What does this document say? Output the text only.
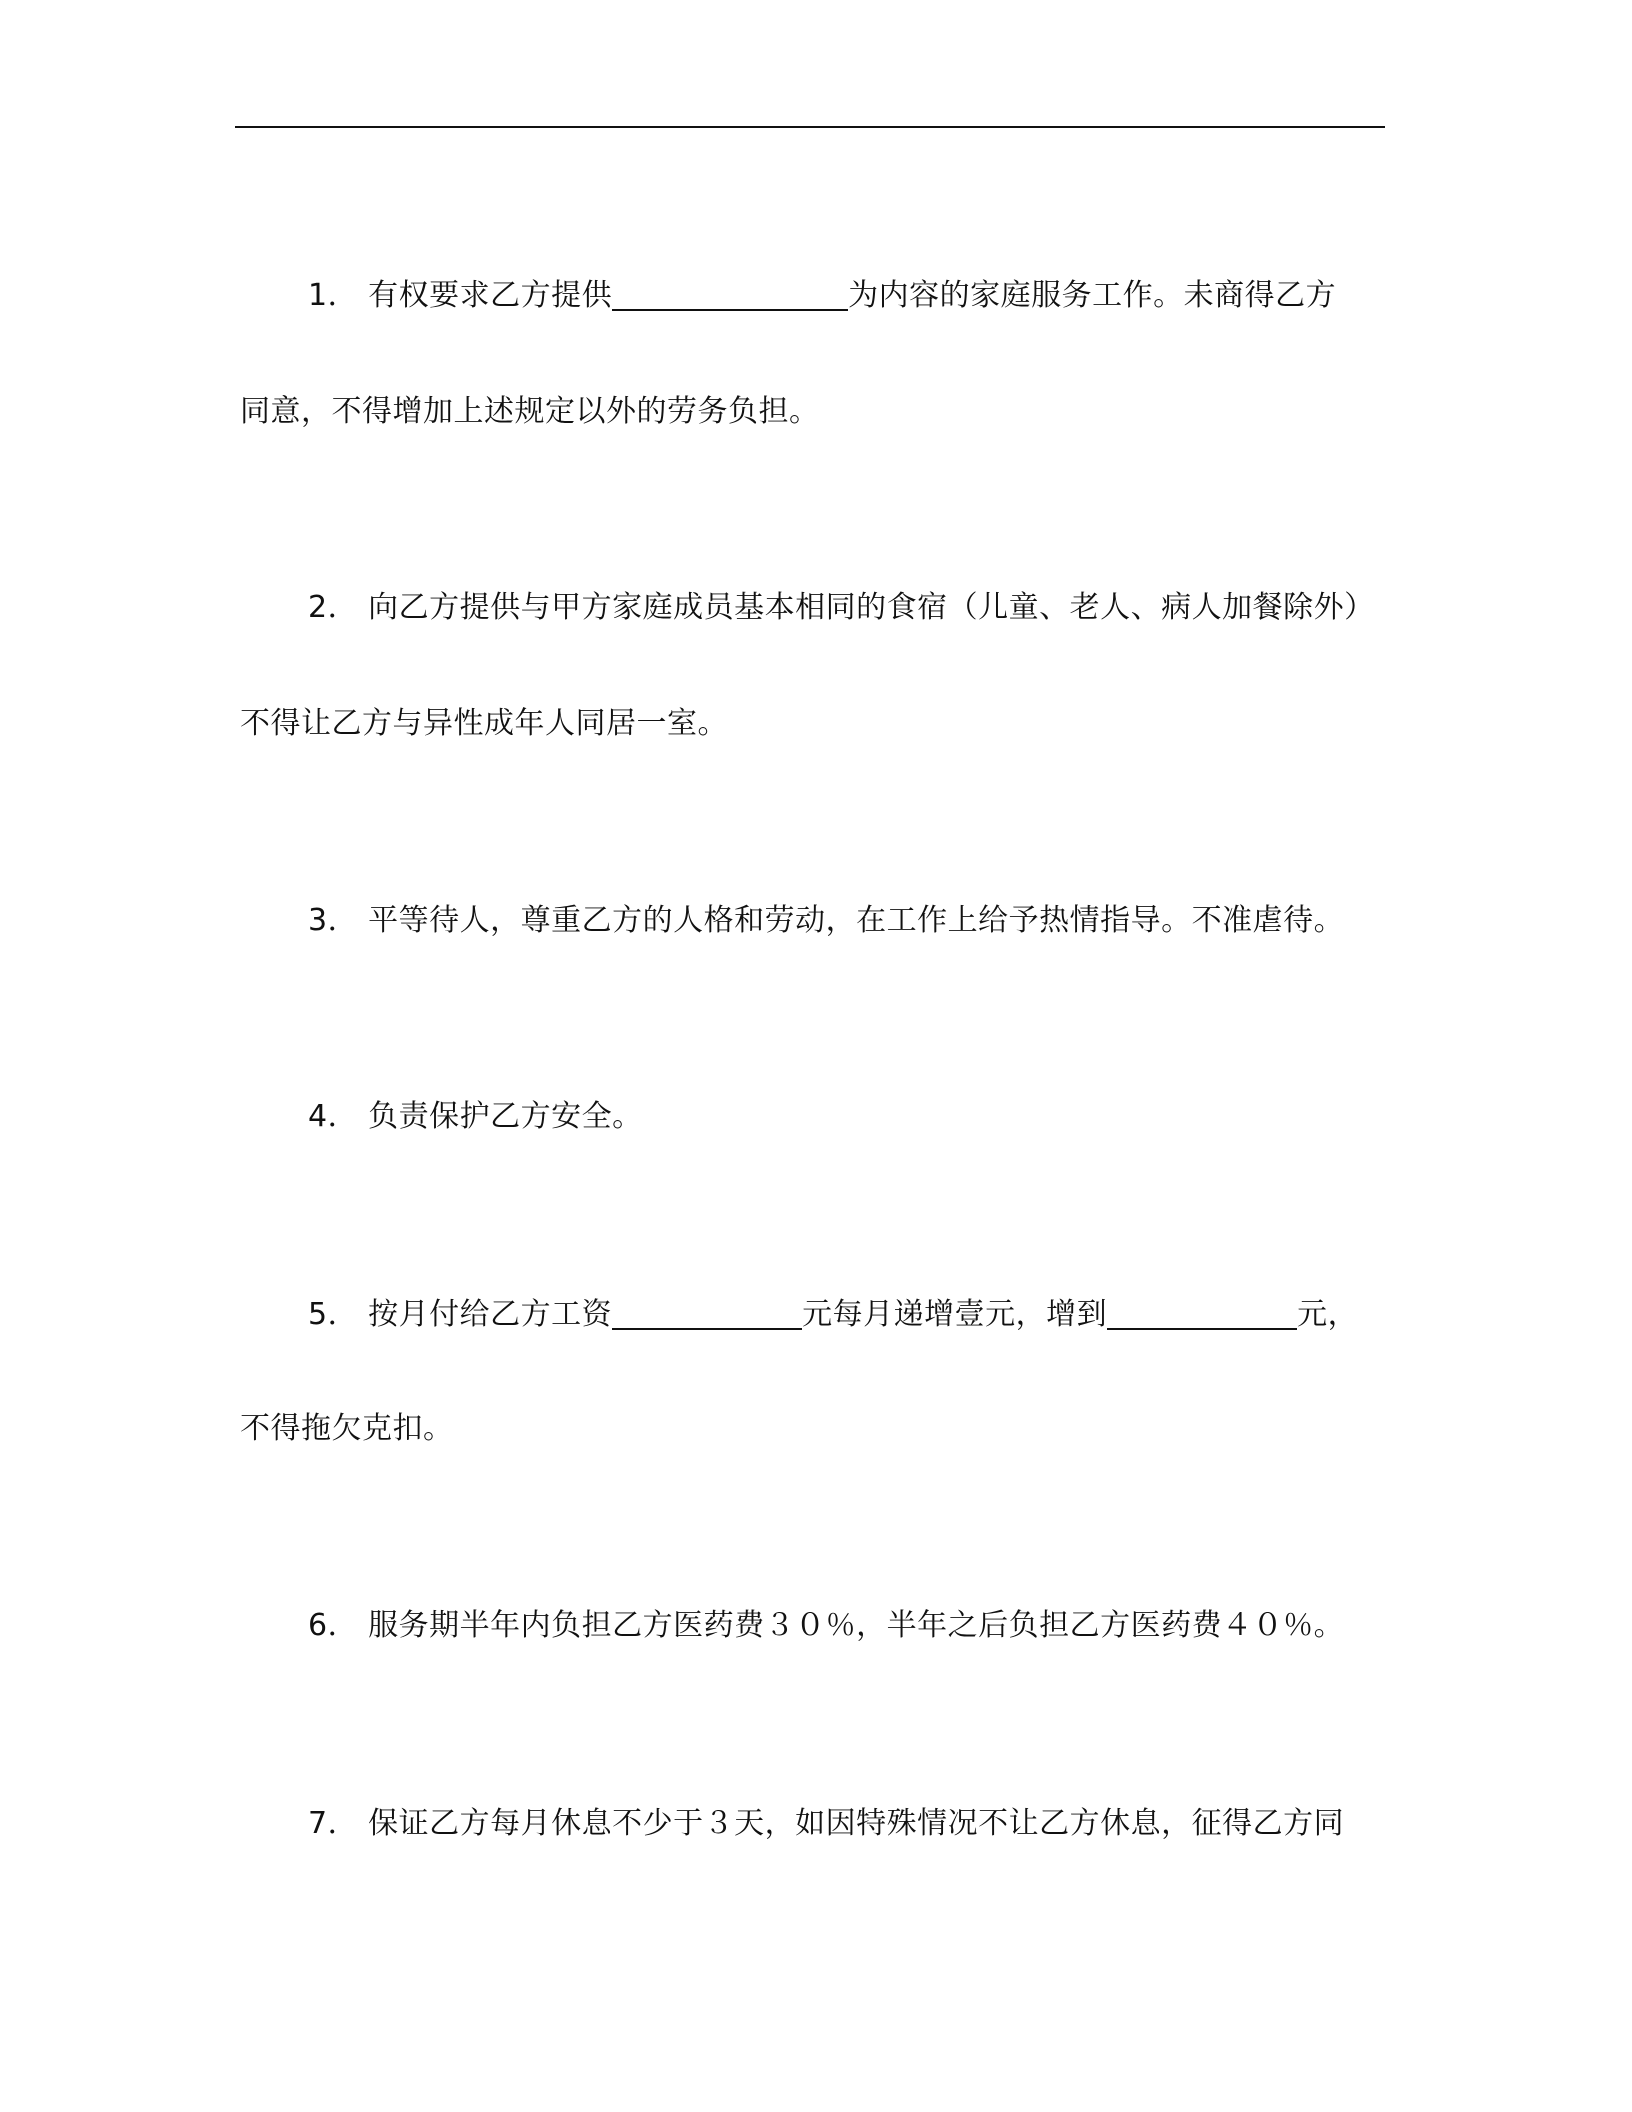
1． 有权要求乙方提供	为内容的家庭服务工作。未商得乙方
同意，不得增加上述规定以外的劳务负担。
2． 向乙方提供与甲方家庭成员基本相同的食宿（儿童、老人、病人加餐除外）
不得让乙方与异性成年人同居一室。
3． 平等待人，尊重乙方的人格和劳动，在工作上给予热情指导。不准虐待。
4． 负责保护乙方安全。
5． 按月付给乙方工资	元每月递增壹元，增到	元，
不得拖欠克扣。
6． 服务期半年内负担乙方医药费３０％，半年之后负担乙方医药费４０％。
7． 保证乙方每月休息不少于３天，如因特殊情况不让乙方休息，征得乙方同
